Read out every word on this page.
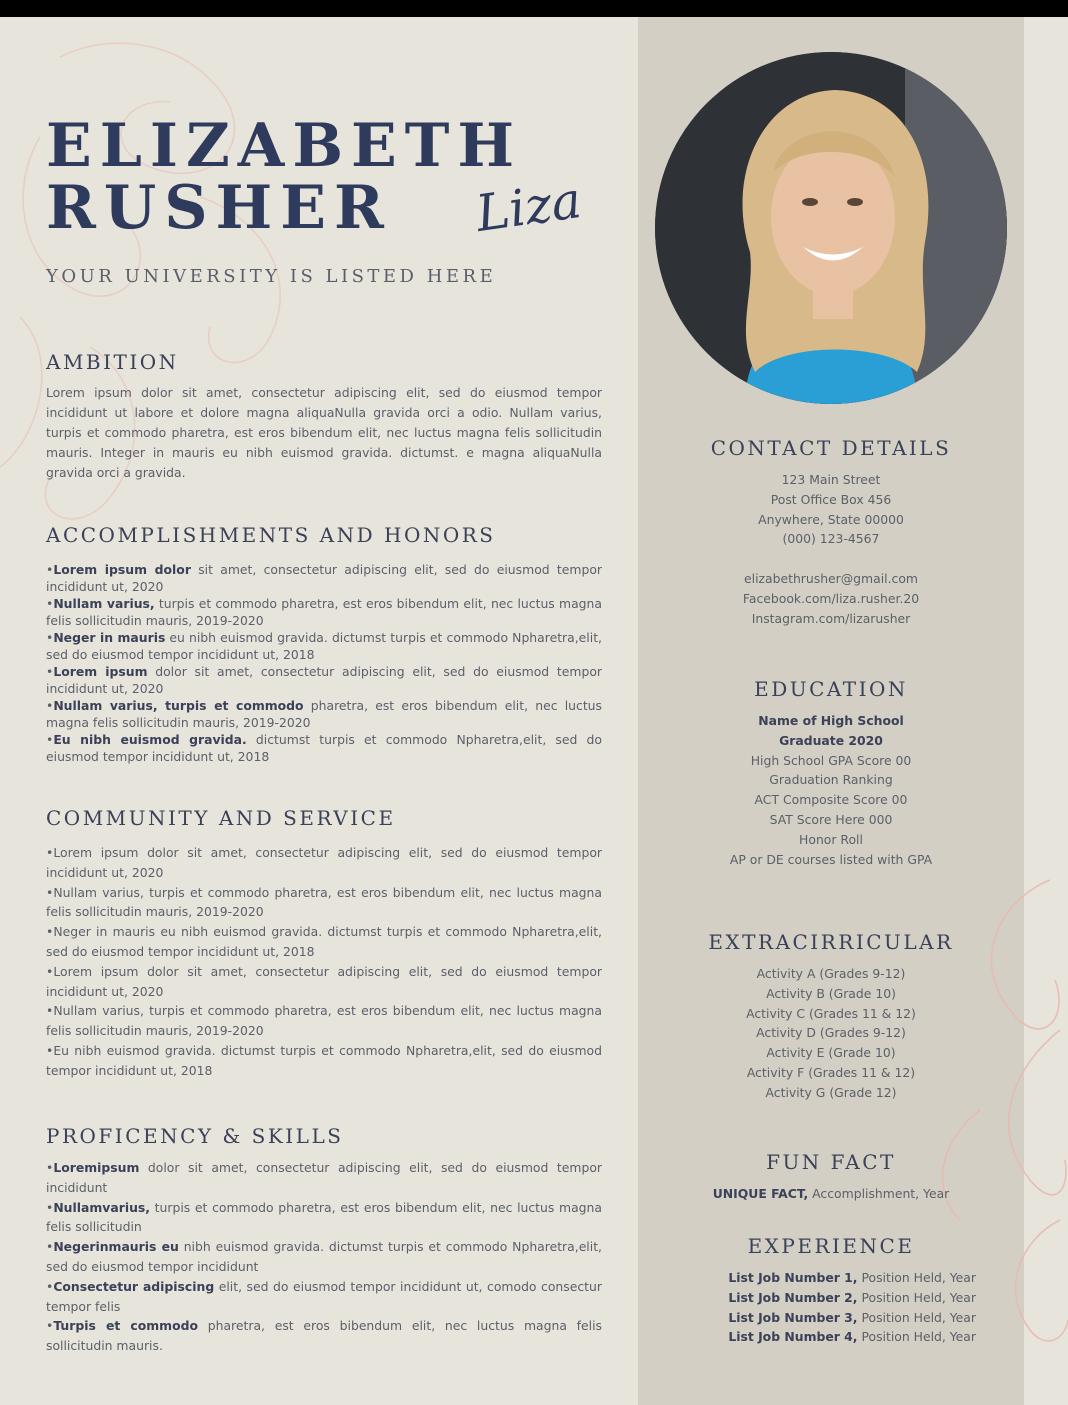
ELIZABETH
RUSHER Liza
YOUR UNIVERSITY IS LISTED HERE
AMBITION

Lorem ipsum dolor sit amet, consectetur adipiscing elit, sed do eiusmod tempor incididunt ut labore et dolore magna aliquaNulla gravida orci a odio. Nullam varius, turpis et commodo pharetra, est eros bibendum elit, nec luctus magna felis sollicitudin mauris. Integer in mauris eu nibh euismod gravida. dictumst. e magna aliquaNulla gravida orci a gravida.

ACCOMPLISHMENTS AND HONORS
• Lorem ipsum dolor sit amet, consectetur adipiscing elit, sed do eiusmod tempor incididunt ut, 2020
• Nullam varius, turpis et commodo pharetra, est eros bibendum elit, nec luctus magna felis sollicitudin mauris, 2019-2020
• Neger in mauris eu nibh euismod gravida. dictumst turpis et commodo Npharetra,elit, sed do eiusmod tempor incididunt ut, 2018
• Lorem ipsum dolor sit amet, consectetur adipiscing elit, sed do eiusmod tempor incididunt ut, 2020
• Nullam varius, turpis et commodo pharetra, est eros bibendum elit, nec luctus magna felis sollicitudin mauris, 2019-2020
• Eu nibh euismod gravida. dictumst turpis et commodo Npharetra,elit, sed do eiusmod tempor incididunt ut, 2018
COMMUNITY AND SERVICE
• Lorem ipsum dolor sit amet, consectetur adipiscing elit, sed do eiusmod tempor incididunt ut, 2020
• Nullam varius, turpis et commodo pharetra, est eros bibendum elit, nec luctus magna felis sollicitudin mauris, 2019-2020
• Neger in mauris eu nibh euismod gravida. dictumst turpis et commodo Npharetra,elit, sed do eiusmod tempor incididunt ut, 2018
• Lorem ipsum dolor sit amet, consectetur adipiscing elit, sed do eiusmod tempor incididunt ut, 2020
• Nullam varius, turpis et commodo pharetra, est eros bibendum elit, nec luctus magna felis sollicitudin mauris, 2019-2020
• Eu nibh euismod gravida. dictumst turpis et commodo Npharetra,elit, sed do eiusmod tempor incididunt ut, 2018
PROFICENCY & SKILLS
• Loremipsum dolor sit amet, consectetur adipiscing elit, sed do eiusmod tempor incididunt
• Nullamvarius, turpis et commodo pharetra, est eros bibendum elit, nec luctus magna felis sollicitudin
• Negerinmauris eu nibh euismod gravida. dictumst turpis et commodo Npharetra,elit, sed do eiusmod tempor incididunt
• Consectetur adipiscing elit, sed do eiusmod tempor incididunt ut, comodo consectur tempor felis
• Turpis et commodo pharetra, est eros bibendum elit, nec luctus magna felis sollicitudin mauris.
CONTACT DETAILS
123 Main Street
Post Office Box 456
Anywhere, State 00000
(000) 123-4567
elizabethrusher@gmail.com
Facebook.com/liza.rusher.20
Instagram.com/lizarusher
EDUCATION
Name of High School
Graduate 2020
High School GPA Score 00
Graduation Ranking
ACT Composite Score 00
SAT Score Here 000
Honor Roll
AP or DE courses listed with GPA
EXTRACIRRICULAR
Activity A (Grades 9-12)
Activity B (Grade 10)
Activity C (Grades 11 & 12)
Activity D (Grades 9-12)
Activity E (Grade 10)
Activity F (Grades 11 & 12)
Activity G (Grade 12)
FUN FACT
UNIQUE FACT, Accomplishment, Year
EXPERIENCE
List Job Number 1, Position Held, Year
List Job Number 2, Position Held, Year
List Job Number 3, Position Held, Year
List Job Number 4, Position Held, Year
